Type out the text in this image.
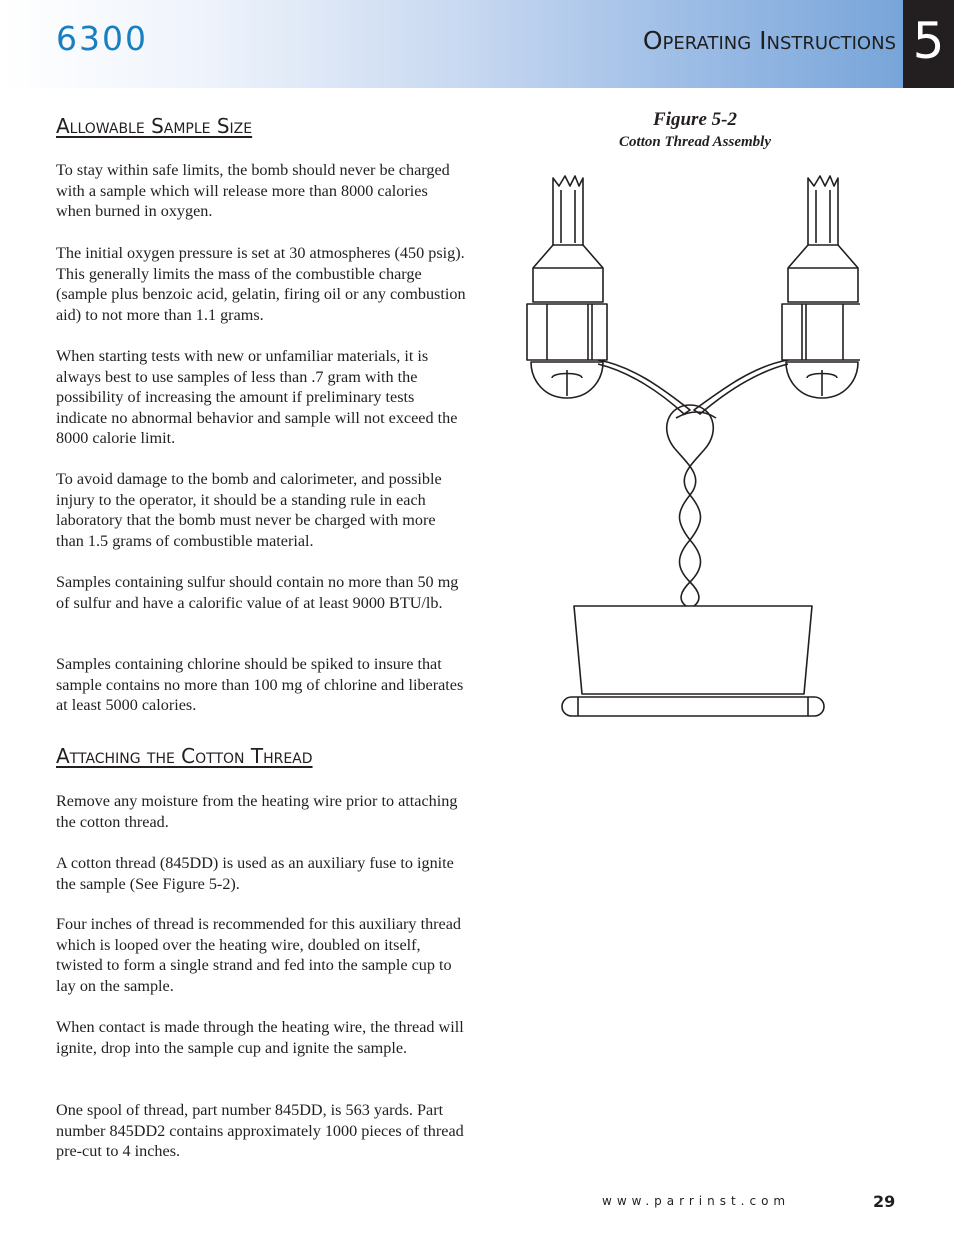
6300	Operating Instructions 5
Allowable Sample Size

To stay within safe limits, the bomb should never be charged with a sample which will release more than 8000 calories when burned in oxygen.

The initial oxygen pressure is set at 30 atmospheres (450 psig). This generally limits the mass of the combustible charge (sample plus benzoic acid, gelatin, firing oil or any combustion aid) to not more than 1.1 grams.

When starting tests with new or unfamiliar materials, it is always best to use samples of less than .7 gram with the possibility of increasing the amount if preliminary tests indicate no abnormal behavior and sample will not exceed the 8000 calorie limit.

To avoid damage to the bomb and calorimeter, and possible injury to the operator, it should be a standing rule in each laboratory that the bomb must never be charged with more than 1.5 grams of combustible material.

Samples containing sulfur should contain no more than 50 mg of sulfur and have a calorific value of at least 9000 BTU/lb.

Samples containing chlorine should be spiked to insure that sample contains no more than 100 mg of chlorine and liberates at least 5000 calories.

Attaching the Cotton Thread

Remove any moisture from the heating wire prior to attaching the cotton thread.

A cotton thread (845DD) is used as an auxiliary fuse to ignite the sample (See Figure 5-2).

Four inches of thread is recommended for this auxiliary thread which is looped over the heating wire, doubled on itself, twisted to form a single strand and fed into the sample cup to lay on the sample.

When contact is made through the heating wire, the thread will ignite, drop into the sample cup and ignite the sample.

One spool of thread, part number 845DD, is 563 yards. Part number 845DD2 contains approximately 1000 pieces of thread pre-cut to 4 inches.

Figure 5-2
Cotton Thread Assembly
www.parrinst.com	29
